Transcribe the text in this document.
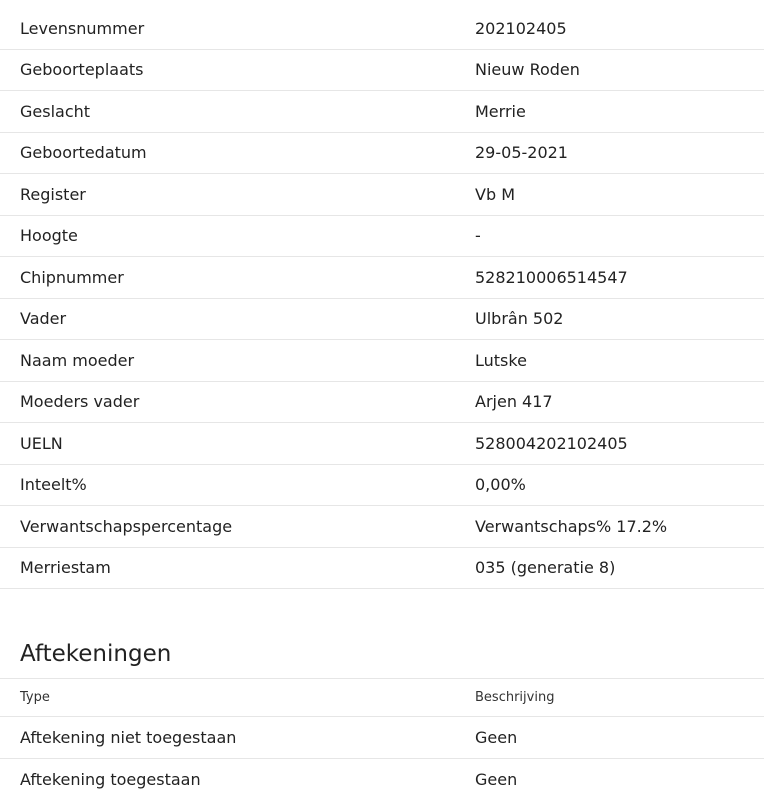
Levensnummer	202102405
Geboorteplaats	Nieuw Roden
Geslacht	Merrie
Geboortedatum	29-05-2021
Register	Vb M
Hoogte	-
Chipnummer	528210006514547
Vader	Ulbrân 502
Naam moeder	Lutske
Moeders vader	Arjen 417
UELN	528004202102405
Inteelt%	0,00%
Verwantschapspercentage	Verwantschaps% 17.2%
Merriestam	035 (generatie 8)
Aftekeningen
Type	Beschrijving
Aftekening niet toegestaan	Geen
Aftekening toegestaan	Geen
